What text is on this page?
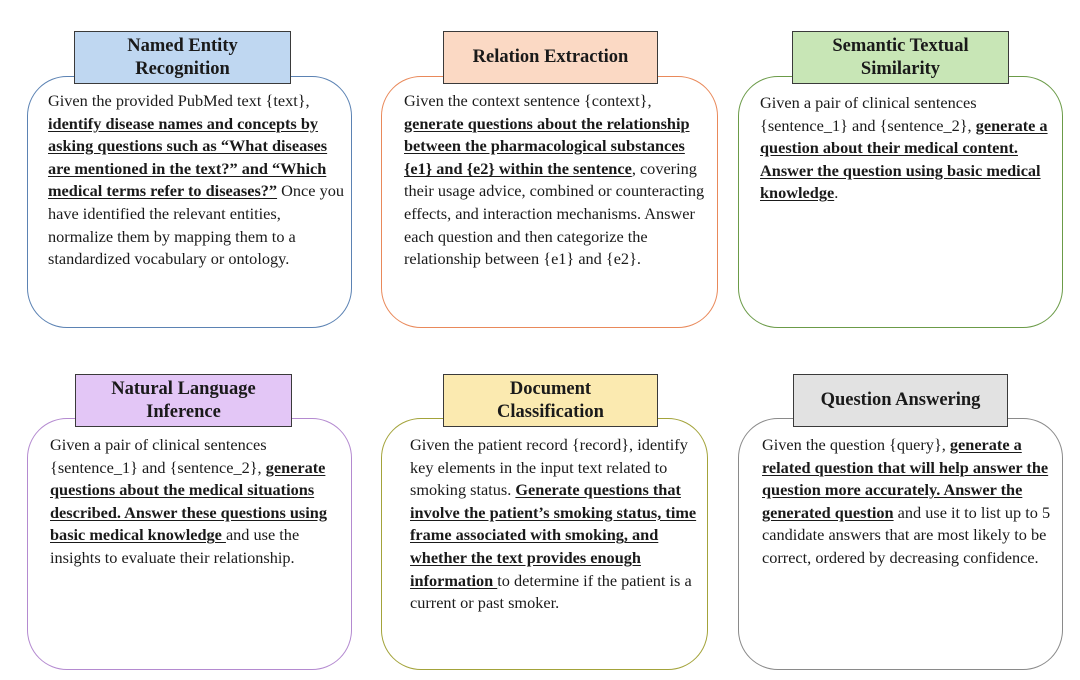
Given the provided PubMed text {text}, identify disease names and concepts by asking questions such as “What diseases are mentioned in the text?” and “Which medical terms refer to diseases?” Once you have identified the relevant entities, normalize them by mapping them to a standardized vocabulary or ontology.
Named Entity
Recognition
Given the context sentence {context}, generate questions about the relationship between the pharmacological substances {e1} and {e2} within the sentence, covering their usage advice, combined or counteracting effects, and interaction mechanisms. Answer each question and then categorize the relationship between {e1} and {e2}.
Relation Extraction
Given a pair of clinical sentences {sentence_1} and {sentence_2}, generate a question about their medical content. Answer the question using basic medical knowledge.
Semantic Textual
Similarity
Given a pair of clinical sentences {sentence_1} and {sentence_2}, generate questions about the medical situations described. Answer these questions using basic medical knowledge and use the insights to evaluate their relationship.
Natural Language
Inference
Given the patient record {record}, identify key elements in the input text related to smoking status. Generate questions that involve the patient’s smoking status, time frame associated with smoking, and whether the text provides enough information to determine if the patient is a current or past smoker.
Document
Classification
Given the question {query}, generate a related question that will help answer the question more accurately. Answer the generated question and use it to list up to 5 candidate answers that are most likely to be correct, ordered by decreasing confidence.
Question Answering
